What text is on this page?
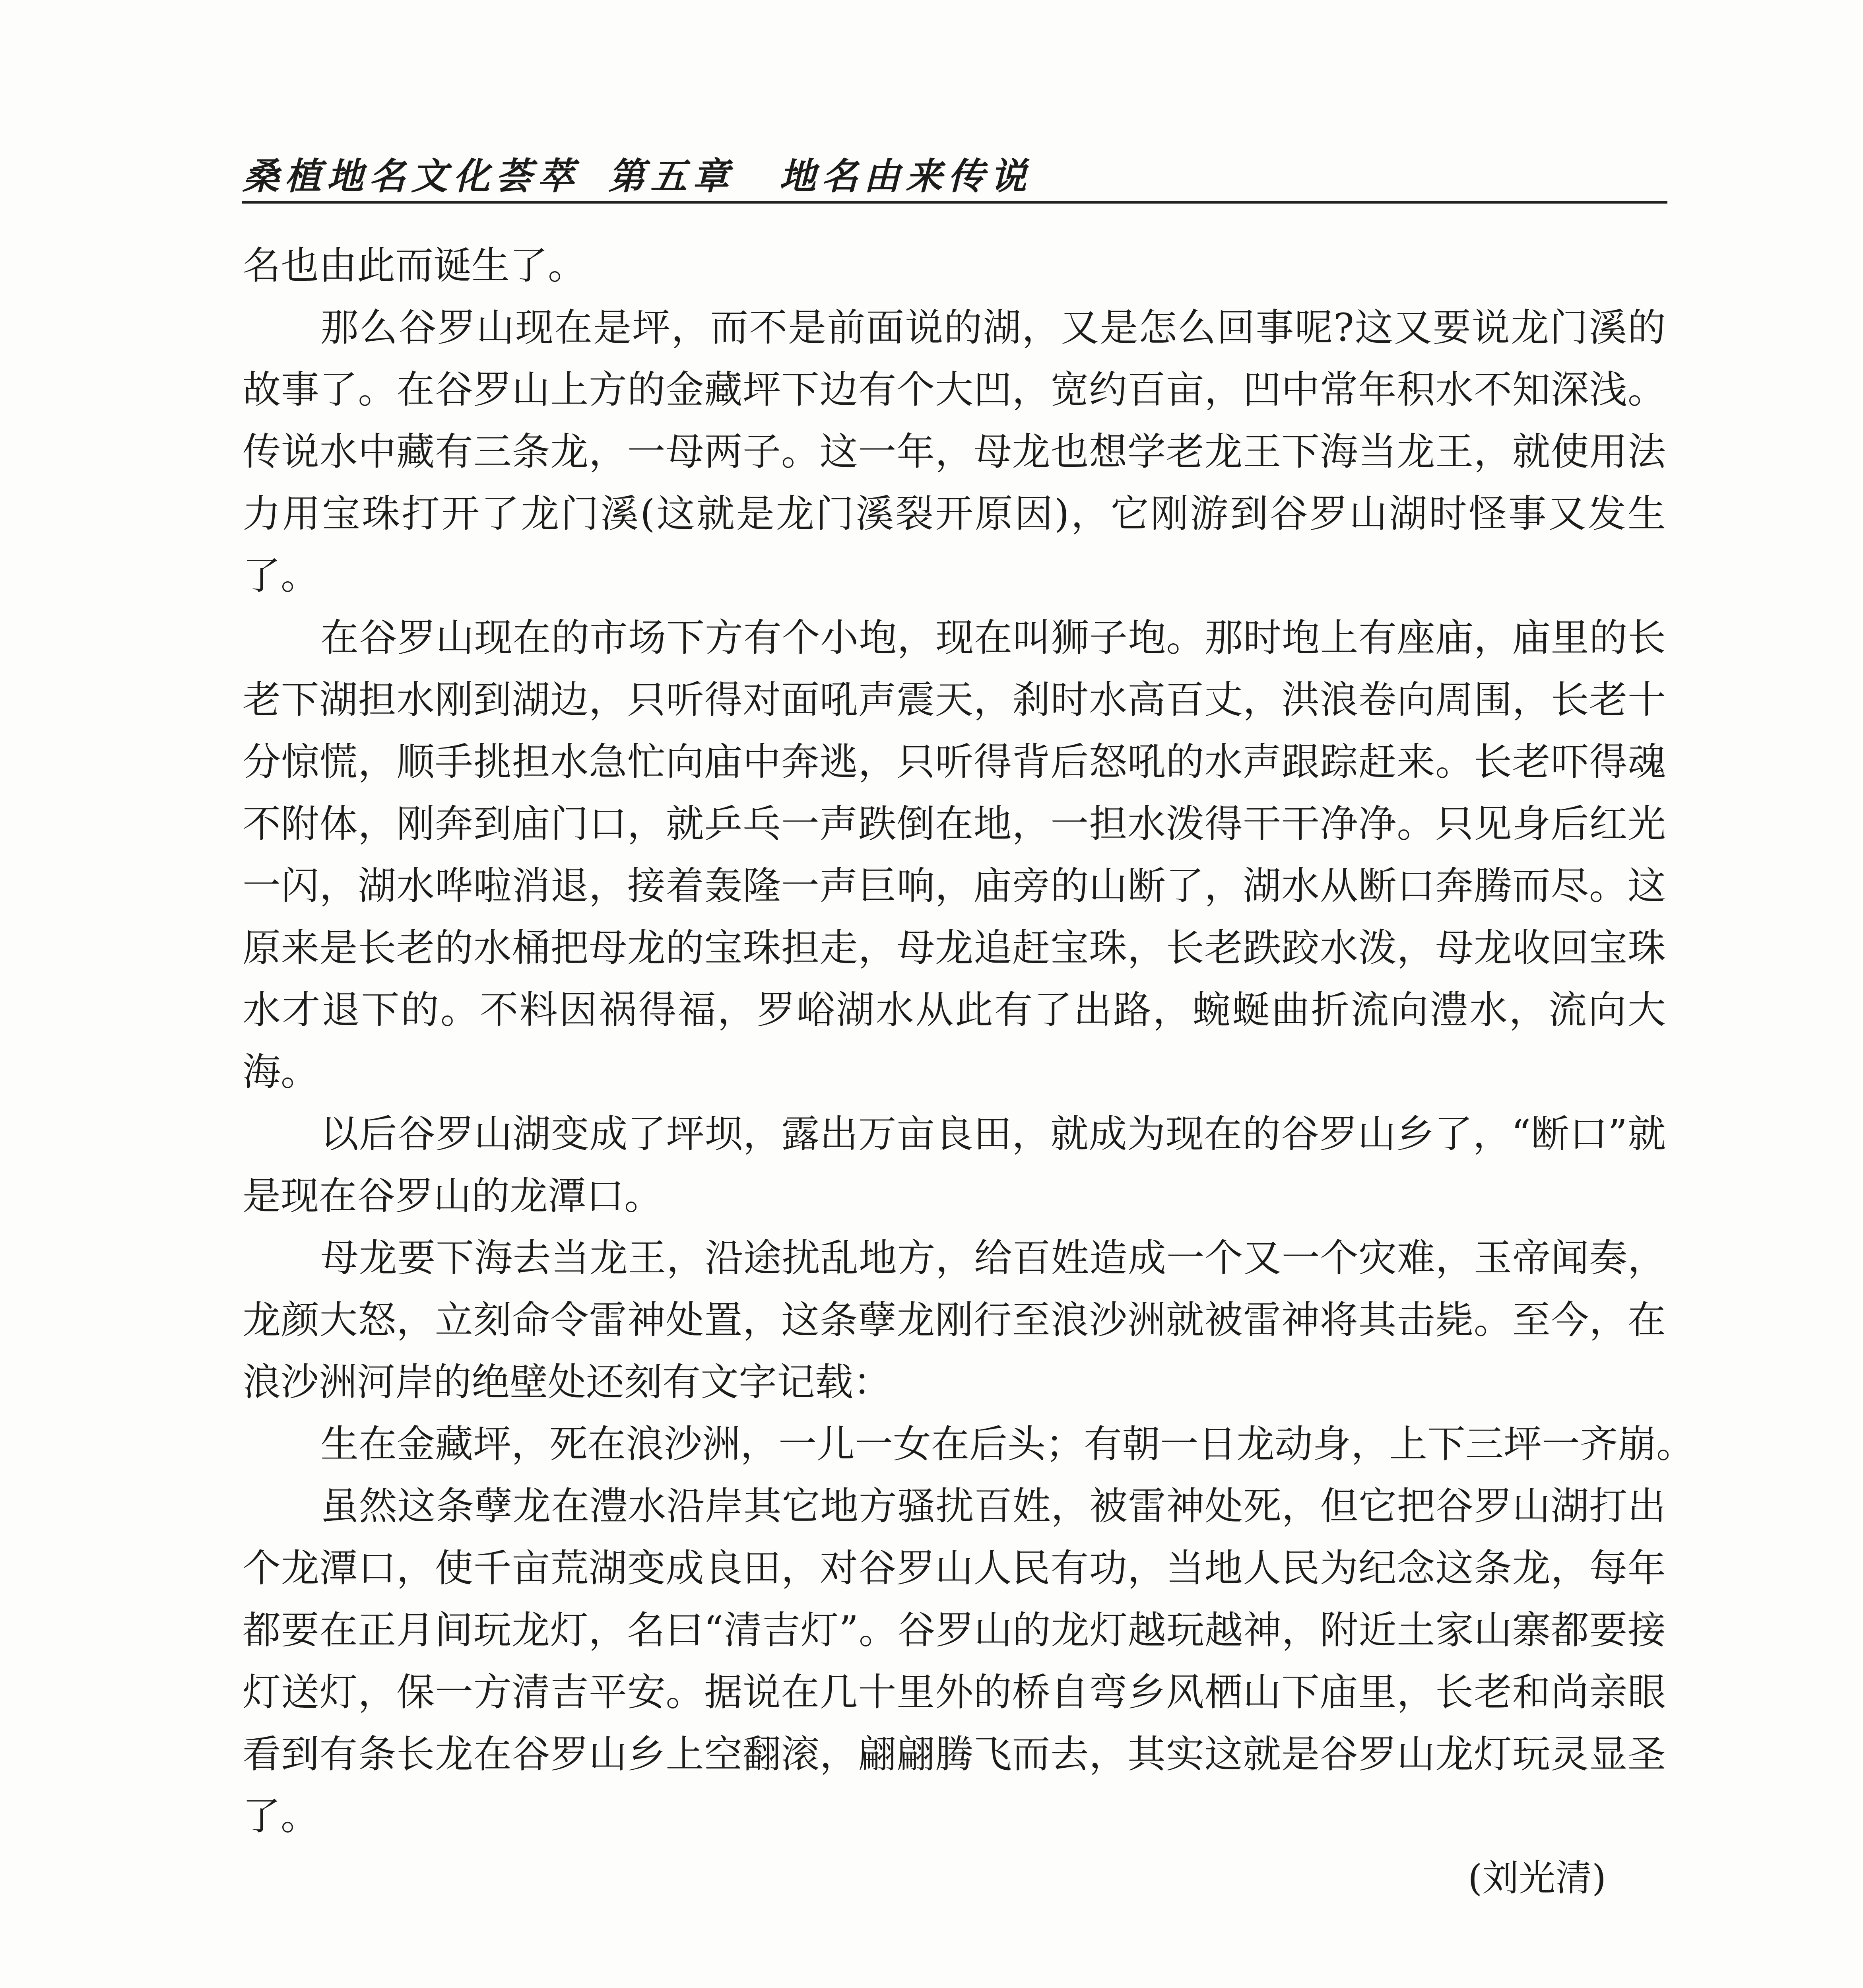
桑植地名文化荟萃 第五章 地名由来传说

名也由此而诞生了。

那么谷罗山现在是坪，而不是前面说的湖，又是怎么回事呢?这又要说龙门溪的故事了。在谷罗山上方的金藏坪下边有个大凹，宽约百亩，凹中常年积水不知深浅。传说水中藏有三条龙，一母两子。这一年，母龙也想学老龙王下海当龙王，就使用法力用宝珠打开了龙门溪(这就是龙门溪裂开原因)，它刚游到谷罗山湖时怪事又发生了。

在谷罗山现在的市场下方有个小垉，现在叫狮子垉。那时垉上有座庙，庙里的长老下湖担水刚到湖边，只听得对面吼声震天，刹时水高百丈，洪浪卷向周围，长老十分惊慌，顺手挑担水急忙向庙中奔逃，只听得背后怒吼的水声跟踪赶来。长老吓得魂不附体，刚奔到庙门口，就乒乓一声跌倒在地，一担水泼得干干净净。只见身后红光一闪，湖水哗啦消退，接着轰隆一声巨响，庙旁的山断了，湖水从断口奔腾而尽。这原来是长老的水桶把母龙的宝珠担走，母龙追赶宝珠，长老跌跤水泼，母龙收回宝珠水才退下的。不料因祸得福，罗峪湖水从此有了出路，蜿蜒曲折流向澧水，流向大海。

以后谷罗山湖变成了坪坝，露出万亩良田，就成为现在的谷罗山乡了，“断口”就是现在谷罗山的龙潭口。

母龙要下海去当龙王，沿途扰乱地方，给百姓造成一个又一个灾难，玉帝闻奏，龙颜大怒，立刻命令雷神处置，这条孽龙刚行至浪沙洲就被雷神将其击毙。至今，在浪沙洲河岸的绝壁处还刻有文字记载：

生在金藏坪，死在浪沙洲，一儿一女在后头；有朝一日龙动身，上下三坪一齐崩。

虽然这条孽龙在澧水沿岸其它地方骚扰百姓，被雷神处死，但它把谷罗山湖打出个龙潭口，使千亩荒湖变成良田，对谷罗山人民有功，当地人民为纪念这条龙，每年都要在正月间玩龙灯，名曰“清吉灯”。谷罗山的龙灯越玩越神，附近土家山寨都要接灯送灯，保一方清吉平安。据说在几十里外的桥自弯乡风栖山下庙里，长老和尚亲眼看到有条长龙在谷罗山乡上空翻滚，翩翩腾飞而去，其实这就是谷罗山龙灯玩灵显圣了。

(刘光清)
